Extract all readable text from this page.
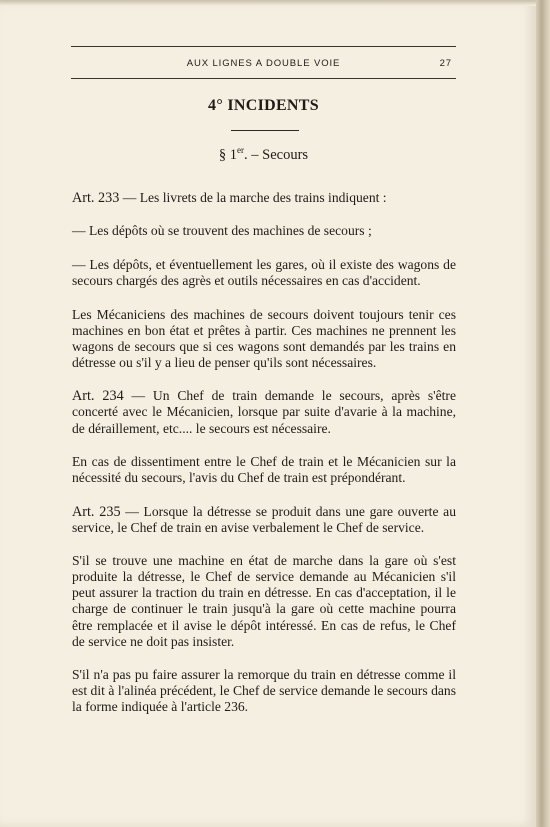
AUX LIGNES A DOUBLE VOIE	27
4° INCIDENTS
§ 1er. – Secours

Art. 233 — Les livrets de la marche des trains indiquent :

— Les dépôts où se trouvent des machines de secours ;

— Les dépôts, et éventuellement les gares, où il existe des wagons de secours chargés des agrès et outils nécessaires en cas d'accident.

Les Mécaniciens des machines de secours doivent toujours tenir ces machines en bon état et prêtes à partir. Ces machines ne prennent les wagons de secours que si ces wagons sont demandés par les trains en détresse ou s'il y a lieu de penser qu'ils sont nécessaires.

Art. 234 — Un Chef de train demande le secours, après s'être concerté avec le Mécanicien, lorsque par suite d'avarie à la machine, de déraillement, etc.... le secours est nécessaire.

En cas de dissentiment entre le Chef de train et le Mécanicien sur la nécessité du secours, l'avis du Chef de train est prépondérant.

Art. 235 — Lorsque la détresse se produit dans une gare ouverte au service, le Chef de train en avise verbalement le Chef de service.

S'il se trouve une machine en état de marche dans la gare où s'est produite la détresse, le Chef de service demande au Mécanicien s'il peut assurer la traction du train en détresse. En cas d'acceptation, il le charge de continuer le train jusqu'à la gare où cette machine pourra être remplacée et il avise le dépôt intéressé. En cas de refus, le Chef de service ne doit pas insister.

S'il n'a pas pu faire assurer la remorque du train en détresse comme il est dit à l'alinéa précédent, le Chef de service demande le secours dans la forme indiquée à l'article 236.
